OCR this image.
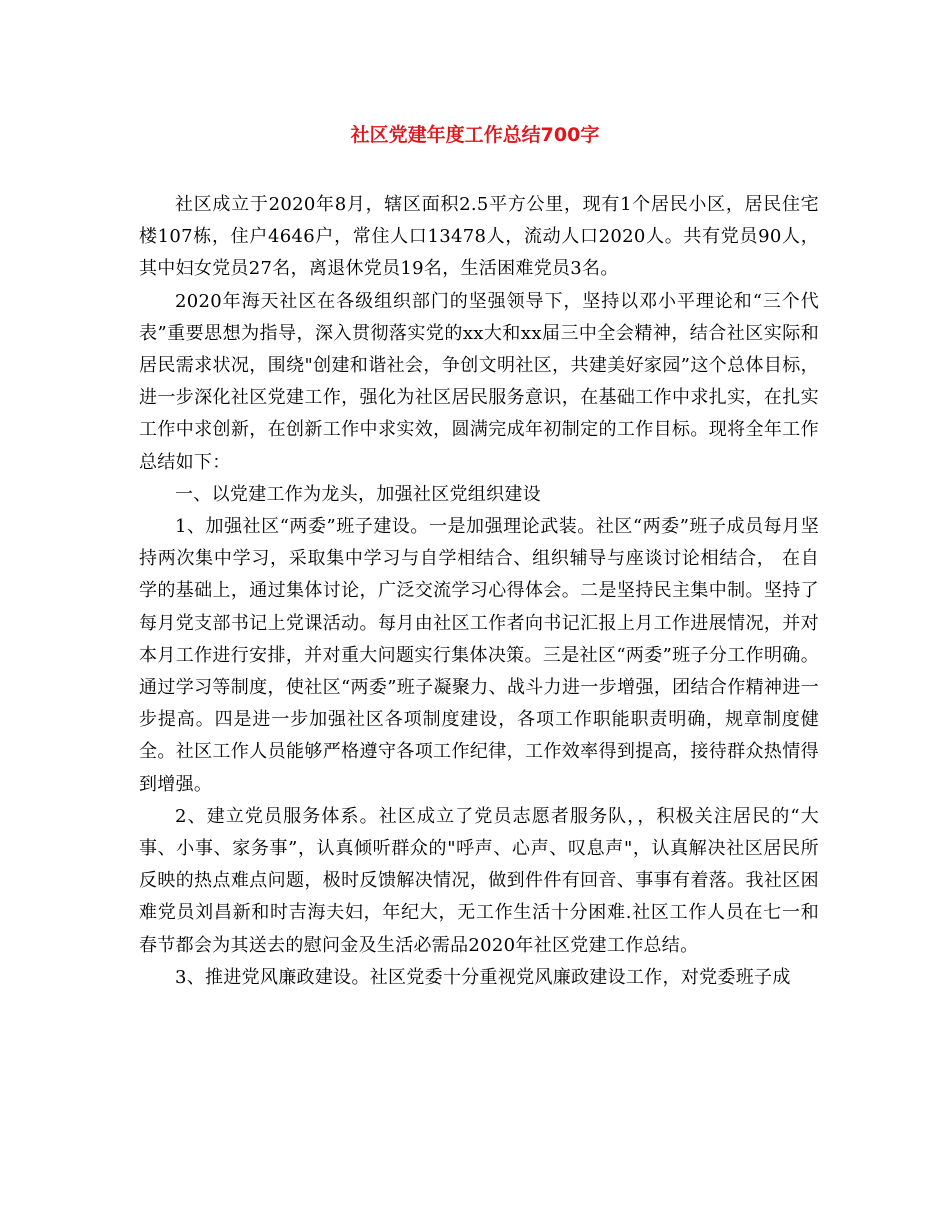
社区党建年度工作总结700字

社区成立于2020年8月，辖区面积2.5平方公里，现有1个居民小区，居民住宅楼107栋，住户4646户，常住人口13478人，流动人口2020人。共有党员90人，其中妇女党员27名，离退休党员19名，生活困难党员3名。

2020年海天社区在各级组织部门的坚强领导下，坚持以邓小平理论和“三个代表”重要思想为指导，深入贯彻落实党的xx大和xx届三中全会精神，结合社区实际和居民需求状况，围绕"创建和谐社会，争创文明社区，共建美好家园”这个总体目标，进一步深化社区党建工作，强化为社区居民服务意识，在基础工作中求扎实，在扎实工作中求创新，在创新工作中求实效，圆满完成年初制定的工作目标。现将全年工作总结如下：

一、以党建工作为龙头，加强社区党组织建设

1、加强社区“两委”班子建设。一是加强理论武装。社区“两委”班子成员每月坚持两次集中学习，采取集中学习与自学相结合、组织辅导与座谈讨论相结合， 在自学的基础上，通过集体讨论，广泛交流学习心得体会。二是坚持民主集中制。坚持了每月党支部书记上党课活动。每月由社区工作者向书记汇报上月工作进展情况，并对本月工作进行安排，并对重大问题实行集体决策。三是社区“两委”班子分工作明确。通过学习等制度，使社区“两委”班子凝聚力、战斗力进一步增强，团结合作精神进一步提高。四是进一步加强社区各项制度建设，各项工作职能职责明确，规章制度健全。社区工作人员能够严格遵守各项工作纪律，工作效率得到提高，接待群众热情得到增强。

2、建立党员服务体系。社区成立了党员志愿者服务队，，积极关注居民的“大事、小事、家务事”，认真倾听群众的"呼声、心声、叹息声"，认真解决社区居民所反映的热点难点问题，极时反馈解决情况，做到件件有回音、事事有着落。我社区困难党员刘昌新和时吉海夫妇，年纪大，无工作生活十分困难.社区工作人员在七一和春节都会为其送去的慰问金及生活必需品2020年社区党建工作总结。

3、推进党风廉政建设。社区党委十分重视党风廉政建设工作，对党委班子成
